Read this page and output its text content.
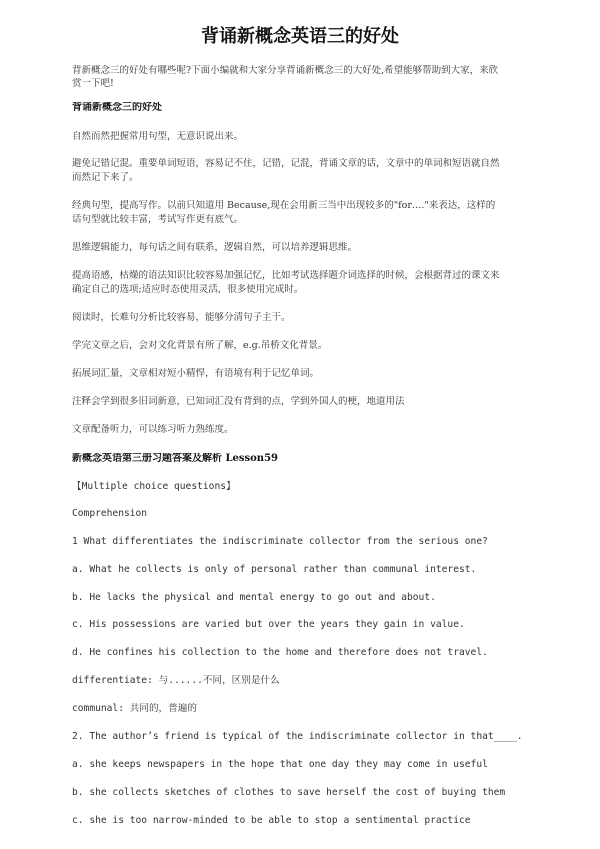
背诵新概念英语三的好处
背新概念三的好处有哪些呢?下面小编就和大家分享背诵新概念三的大好处,希望能够帮助到大家，来欣
赏一下吧!
背诵新概念三的好处
自然而然把握常用句型，无意识说出来。
避免记错记混。重要单词短语，容易记不住，记错，记混，背诵文章的话，文章中的单词和短语就自然
而然记下来了。
经典句型，提高写作。以前只知道用 Because,现在会用新三当中出现较多的"for…."来表达，这样的
话句型就比较丰富，考试写作更有底气。
思维逻辑能力，每句话之间有联系，逻辑自然，可以培养逻辑思维。
提高语感，枯燥的语法知识比较容易加强记忆，比如考试选择题介词选择的时候，会根据背过的课文来
确定自己的选项;适应时态使用灵活，很多使用完成时。
阅读时，长难句分析比较容易，能够分清句子主干。
学完文章之后，会对文化背景有所了解，e.g.吊桥文化背景。
拓展词汇量，文章相对短小精悍，有语境有利于记忆单词。
注释会学到很多旧词新意，已知词汇没有背到的点，学到外国人的梗，地道用法
文章配备听力，可以练习听力熟练度。
新概念英语第三册习题答案及解析 Lesson59
【Multiple choice questions】
Comprehension
1 What differentiates the indiscriminate collector from the serious one?
a. What he collects is only of personal rather than communal interest.
b. He lacks the physical and mental energy to go out and about.
c. His possessions are varied but over the years they gain in value.
d. He confines his collection to the home and therefore does not travel.
differentiate: 与......不同，区别是什么
communal: 共同的，普遍的
2. The author’s friend is typical of the indiscriminate collector in that____.
a. she keeps newspapers in the hope that one day they may come in useful
b. she collects sketches of clothes to save herself the cost of buying them
c. she is too narrow-minded to be able to stop a sentimental practice
